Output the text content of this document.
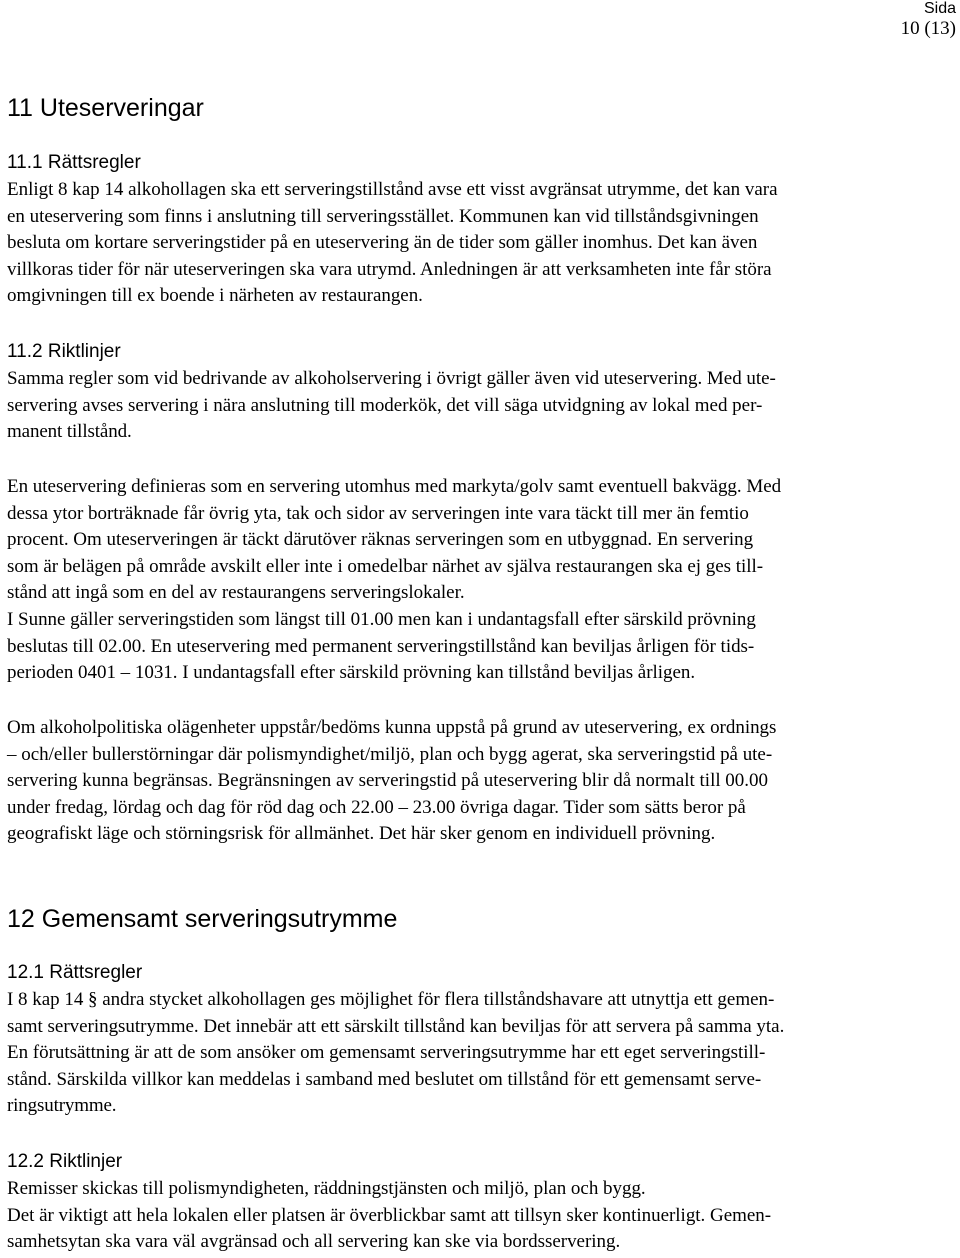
Sida
10 (13)
11 Uteserveringar
11.1 Rättsregler
Enligt 8 kap 14 alkohollagen ska ett serveringstillstånd avse ett visst avgränsat utrymme, det kan vara
en uteservering som finns i anslutning till serveringsstället. Kommunen kan vid tillståndsgivningen
besluta om kortare serveringstider på en uteservering än de tider som gäller inomhus. Det kan även
villkoras tider för när uteserveringen ska vara utrymd. Anledningen är att verksamheten inte får störa
omgivningen till ex boende i närheten av restaurangen.
11.2 Riktlinjer
Samma regler som vid bedrivande av alkoholservering i övrigt gäller även vid uteservering. Med ute-
servering avses servering i nära anslutning till moderkök, det vill säga utvidgning av lokal med per-
manent tillstånd.
En uteservering definieras som en servering utomhus med markyta/golv samt eventuell bakvägg. Med
dessa ytor borträknade får övrig yta, tak och sidor av serveringen inte vara täckt till mer än femtio
procent. Om uteserveringen är täckt därutöver räknas serveringen som en utbyggnad. En servering
som är belägen på område avskilt eller inte i omedelbar närhet av själva restaurangen ska ej ges till-
stånd att ingå som en del av restaurangens serveringslokaler.
I Sunne gäller serveringstiden som längst till 01.00 men kan i undantagsfall efter särskild prövning
beslutas till 02.00. En uteservering med permanent serveringstillstånd kan beviljas årligen för tids-
perioden 0401 – 1031. I undantagsfall efter särskild prövning kan tillstånd beviljas årligen.
Om alkoholpolitiska olägenheter uppstår/bedöms kunna uppstå på grund av uteservering, ex ordnings
– och/eller bullerstörningar där polismyndighet/miljö, plan och bygg agerat, ska serveringstid på ute-
servering kunna begränsas. Begränsningen av serveringstid på uteservering blir då normalt till 00.00
under fredag, lördag och dag för röd dag och 22.00 – 23.00 övriga dagar. Tider som sätts beror på
geografiskt läge och störningsrisk för allmänhet. Det här sker genom en individuell prövning.
12 Gemensamt serveringsutrymme
12.1 Rättsregler
I 8 kap 14 § andra stycket alkohollagen ges möjlighet för flera tillståndshavare att utnyttja ett gemen-
samt serveringsutrymme. Det innebär att ett särskilt tillstånd kan beviljas för att servera på samma yta.
En förutsättning är att de som ansöker om gemensamt serveringsutrymme har ett eget serveringstill-
stånd. Särskilda villkor kan meddelas i samband med beslutet om tillstånd för ett gemensamt serve-
ringsutrymme.
12.2 Riktlinjer
Remisser skickas till polismyndigheten, räddningstjänsten och miljö, plan och bygg.
Det är viktigt att hela lokalen eller platsen är överblickbar samt att tillsyn sker kontinuerligt. Gemen-
samhetsytan ska vara väl avgränsad och all servering kan ske via bordsservering.
